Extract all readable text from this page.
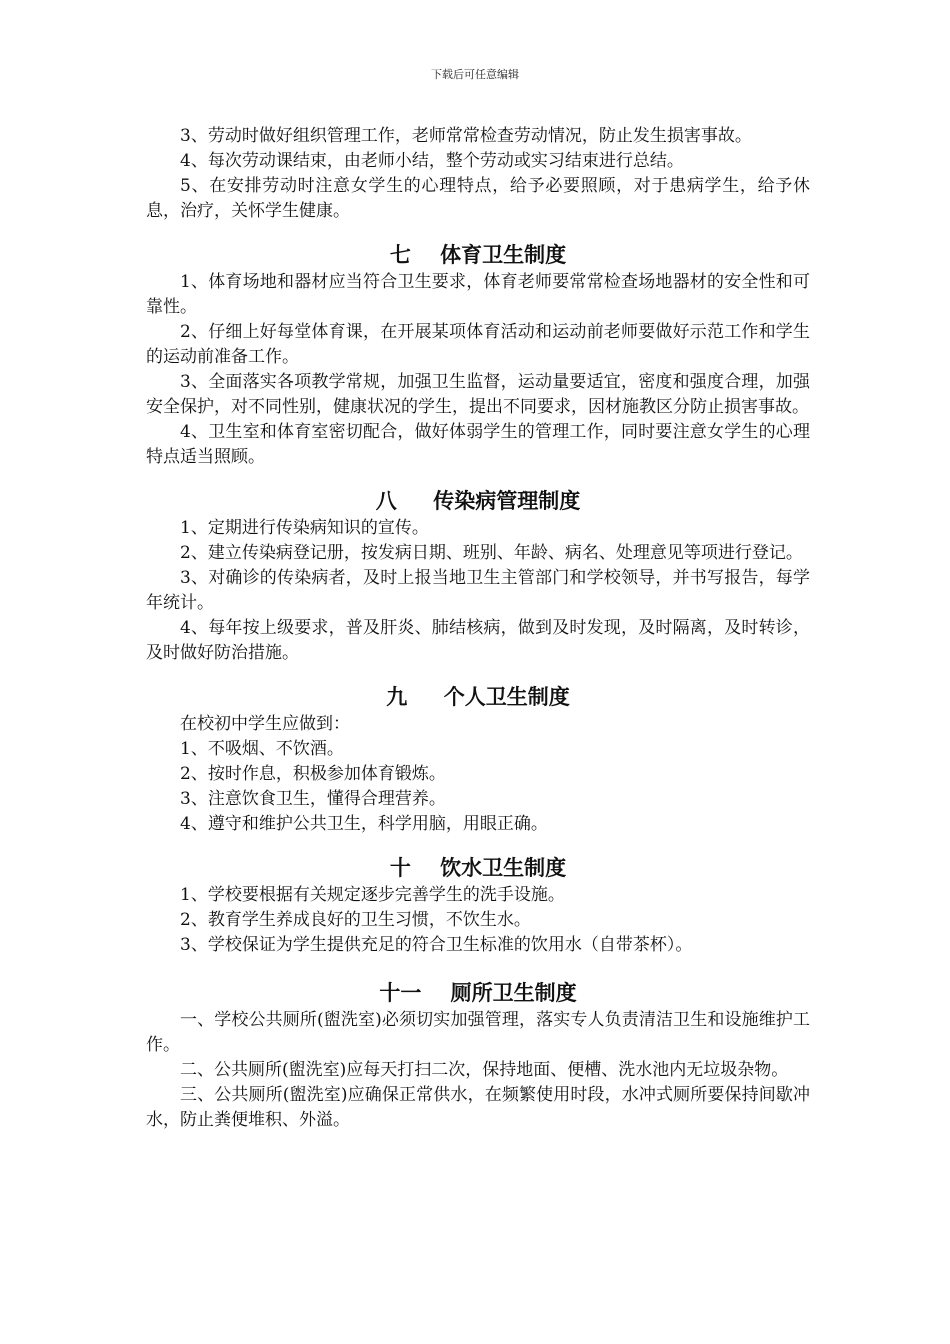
下载后可任意编辑

3、劳动时做好组织管理工作，老师常常检查劳动情况，防止发生损害事故。

4、每次劳动课结束，由老师小结，整个劳动或实习结束进行总结。

5、在安排劳动时注意女学生的心理特点，给予必要照顾，对于患病学生，给予休息，治疗，关怀学生健康。

七    体育卫生制度

1、体育场地和器材应当符合卫生要求，体育老师要常常检查场地器材的安全性和可靠性。

2、仔细上好每堂体育课，在开展某项体育活动和运动前老师要做好示范工作和学生的运动前准备工作。

3、全面落实各项教学常规，加强卫生监督，运动量要适宜，密度和强度合理，加强安全保护，对不同性别，健康状况的学生，提出不同要求，因材施教区分防止损害事故。

4、卫生室和体育室密切配合，做好体弱学生的管理工作，同时要注意女学生的心理特点适当照顾。

八     传染病管理制度

1、定期进行传染病知识的宣传。

2、建立传染病登记册，按发病日期、班别、年龄、病名、处理意见等项进行登记。

3、对确诊的传染病者，及时上报当地卫生主管部门和学校领导，并书写报告，每学年统计。

4、每年按上级要求，普及肝炎、肺结核病，做到及时发现，及时隔离，及时转诊，及时做好防治措施。

九     个人卫生制度

在校初中学生应做到：

1、不吸烟、不饮酒。

2、按时作息，积极参加体育锻炼。

3、注意饮食卫生，懂得合理营养。

4、遵守和维护公共卫生，科学用脑，用眼正确。

十    饮水卫生制度

1、学校要根据有关规定逐步完善学生的洗手设施。

2、教育学生养成良好的卫生习惯，不饮生水。

3、学校保证为学生提供充足的符合卫生标准的饮用水（自带茶杯）。

十一    厕所卫生制度

一、学校公共厕所(盥洗室)必须切实加强管理，落实专人负责清洁卫生和设施维护工作。

二、公共厕所(盥洗室)应每天打扫二次，保持地面、便槽、洗水池内无垃圾杂物。

三、公共厕所(盥洗室)应确保正常供水，在频繁使用时段，水冲式厕所要保持间歇冲水，防止粪便堆积、外溢。
